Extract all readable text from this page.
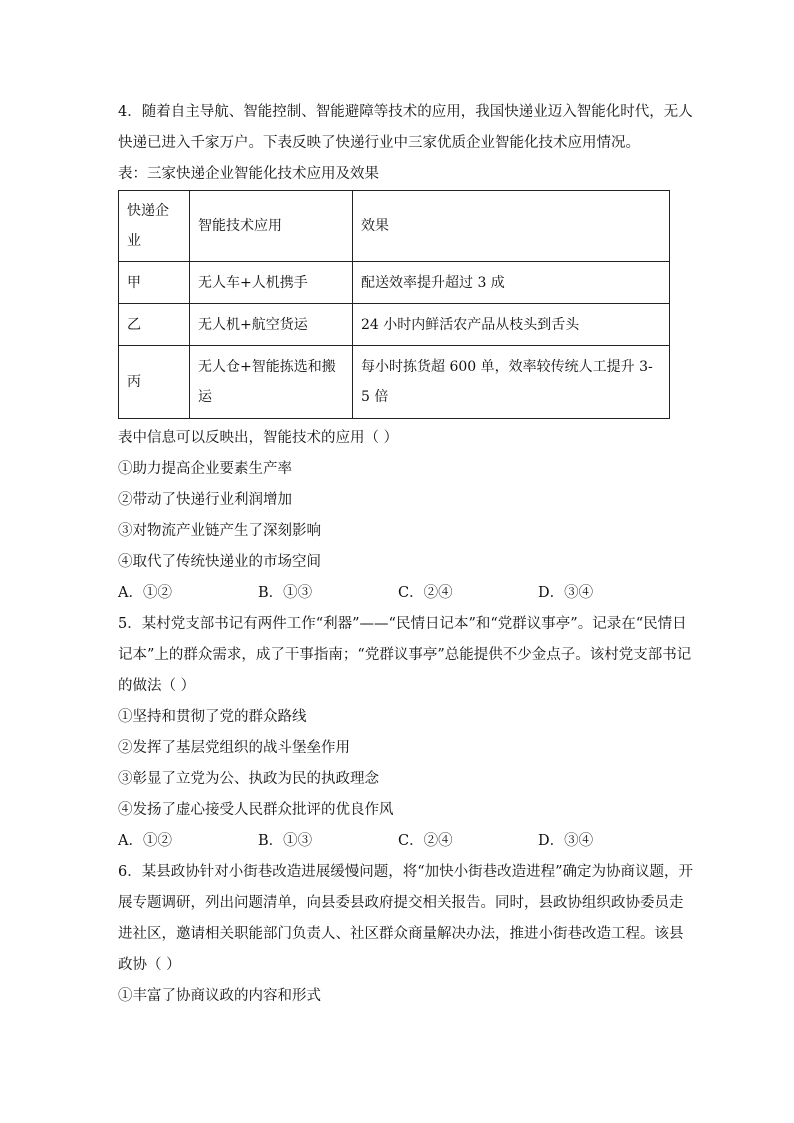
4．随着自主导航、智能控制、智能避障等技术的应用，我国快递业迈入智能化时代，无人
快递已进入千家万户。下表反映了快递行业中三家优质企业智能化技术应用情况。
表：三家快递企业智能化技术应用及效果
快递企业	智能技术应用	效果
甲	无人车+人机携手	配送效率提升超过 3 成
乙	无人机+航空货运	24 小时内鲜活农产品从枝头到舌头
丙	无人仓+智能拣选和搬运	每小时拣货超 600 单，效率较传统人工提升 3-5 倍
表中信息可以反映出，智能技术的应用（ ）
①助力提高企业要素生产率
②带动了快递行业利润增加
③对物流产业链产生了深刻影响
④取代了传统快递业的市场空间
A．①②	B．①③	C．②④	D．③④
5．某村党支部书记有两件工作“利器”——“民情日记本”和“党群议事亭”。记录在“民情日
记本”上的群众需求，成了干事指南；“党群议事亭”总能提供不少金点子。该村党支部书记
的做法（ ）
①坚持和贯彻了党的群众路线
②发挥了基层党组织的战斗堡垒作用
③彰显了立党为公、执政为民的执政理念
④发扬了虚心接受人民群众批评的优良作风
A．①②	B．①③	C．②④	D．③④
6．某县政协针对小街巷改造进展缓慢问题，将“加快小街巷改造进程”确定为协商议题，开
展专题调研，列出问题清单，向县委县政府提交相关报告。同时，县政协组织政协委员走
进社区，邀请相关职能部门负责人、社区群众商量解决办法，推进小街巷改造工程。该县
政协（ ）
①丰富了协商议政的内容和形式
